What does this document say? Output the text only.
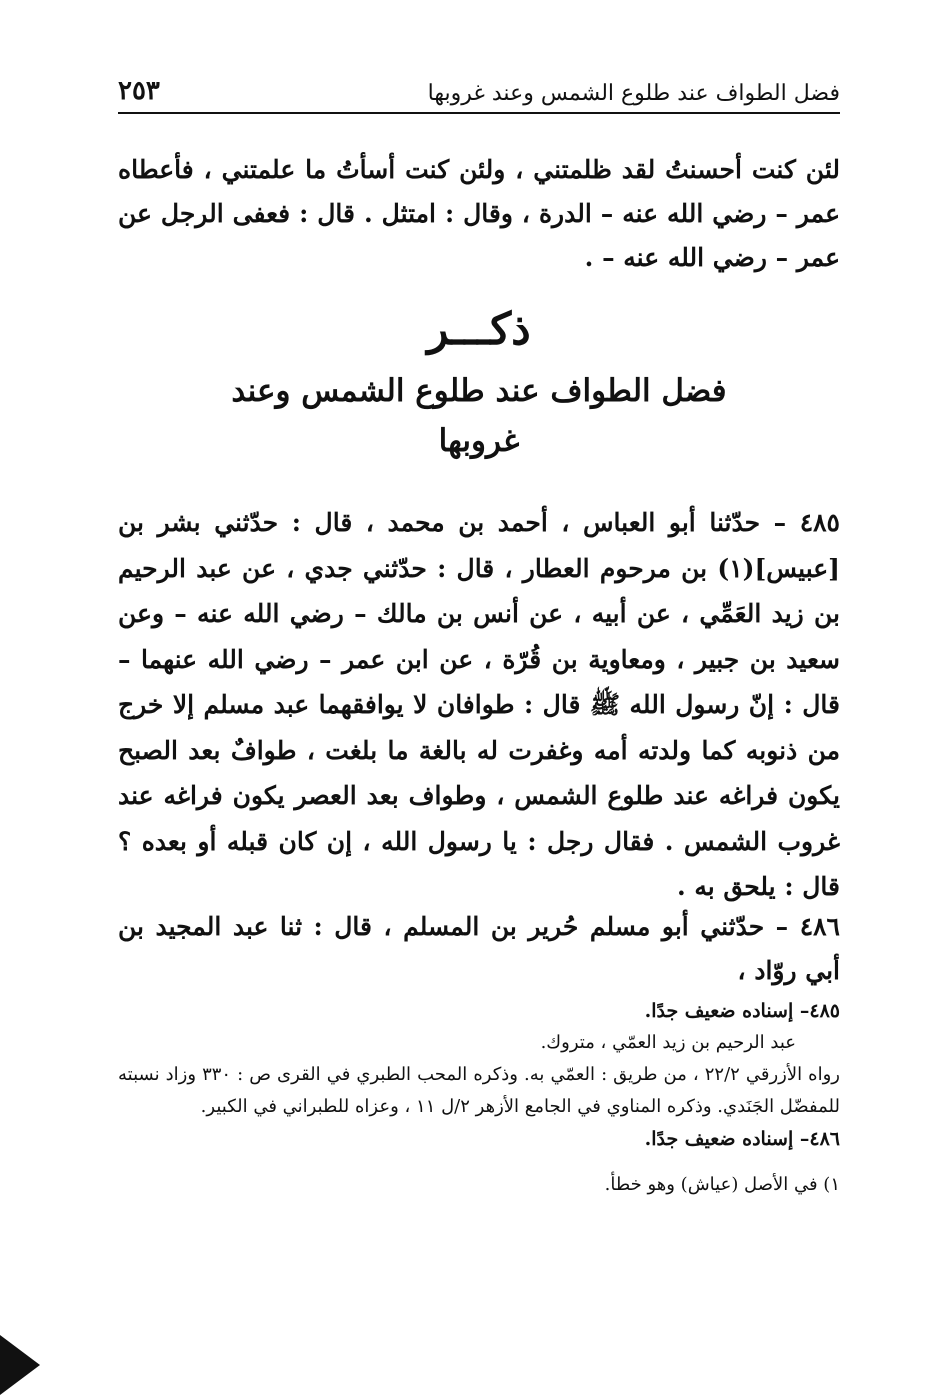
فضل الطواف عند طلوع الشمس وعند غروبها
٢٥٣

لئن كنت أحسنتُ لقد ظلمتني ، ولئن كنت أسأتُ ما علمتني ، فأعطاه عمر – رضي الله عنه – الدرة ، وقال : امتثل . قال : فعفى الرجل عن عمر – رضي الله عنه – .

ذكـــر
فضل الطواف عند طلوع الشمس وعند غروبها

٤٨٥ – حدّثنا أبو العباس ، أحمد بن محمد ، قال : حدّثني بشر بن [عبيس](١) بن مرحوم العطار ، قال : حدّثني جدي ، عن عبد الرحيم بن زيد العَمِّي ، عن أبيه ، عن أنس بن مالك – رضي الله عنه – وعن سعيد بن جبير ، ومعاوية بن قُرّة ، عن ابن عمر – رضي الله عنهما – قال : إنّ رسول الله ﷺ قال : طوافان لا يوافقهما عبد مسلم إلا خرج من ذنوبه كما ولدته أمه وغفرت له بالغة ما بلغت ، طوافٌ بعد الصبح يكون فراغه عند طلوع الشمس ، وطواف بعد العصر يكون فراغه عند غروب الشمس . فقال رجل : يا رسول الله ، إن كان قبله أو بعده ؟ قال : يلحق به .

٤٨٦ – حدّثني أبو مسلم حُرير بن المسلم ، قال : ثنا عبد المجيد بن أبي روّاد ،

٤٨٥– إسناده ضعيف جدًا.

عبد الرحيم بن زيد العمّي ، متروك.

رواه الأزرقي ٢٢/٢ ، من طريق : العمّي به. وذكره المحب الطبري في القرى ص : ٣٣٠ وزاد نسبته للمفضّل الجَنَدي. وذكره المناوي في الجامع الأزهر ٢/ل ١١ ، وعزاه للطبراني في الكبير.

٤٨٦– إسناده ضعيف جدًا.

١) في الأصل (عياش) وهو خطأ.
